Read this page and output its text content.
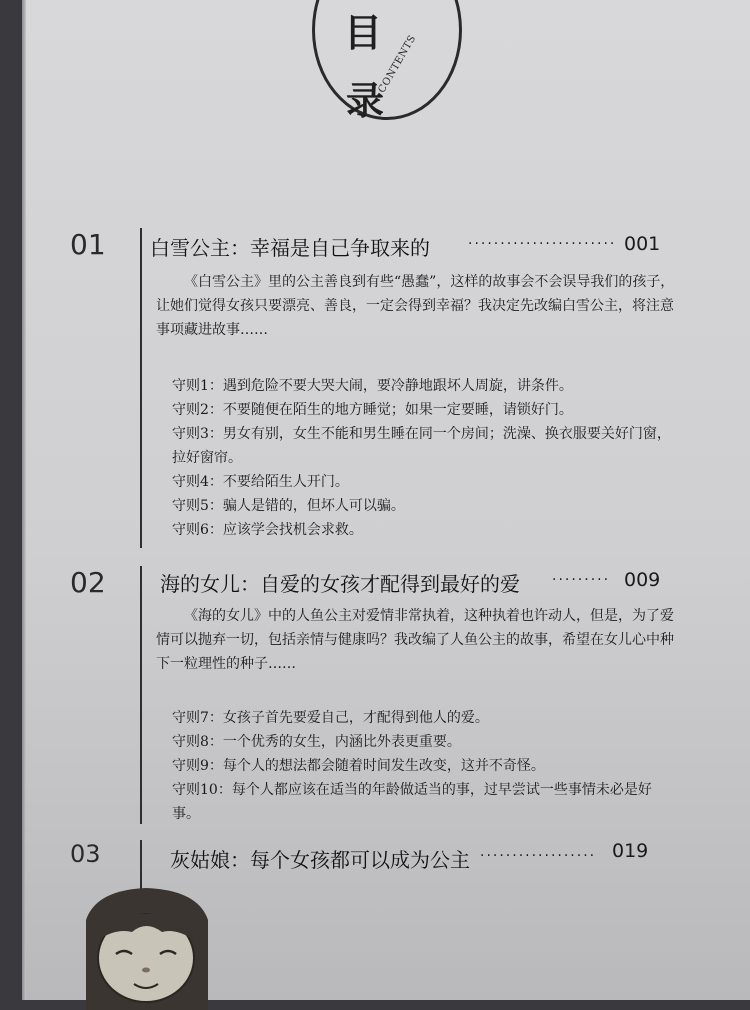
目
录
CONTENTS
01 白雪公主：幸福是自己争取来的	······················· 001
《白雪公主》里的公主善良到有些“愚蠢”，这样的故事会不会误导我们的孩子，让她们觉得女孩只要漂亮、善良，一定会得到幸福？我决定先改编白雪公主，将注意事项藏进故事……
守则1：遇到危险不要大哭大闹，要冷静地跟坏人周旋，讲条件。
守则2：不要随便在陌生的地方睡觉；如果一定要睡，请锁好门。
守则3：男女有别，女生不能和男生睡在同一个房间；洗澡、换衣服要关好门窗，拉好窗帘。
守则4：不要给陌生人开门。
守则5：骗人是错的，但坏人可以骗。
守则6：应该学会找机会求救。
02	海的女儿：自爱的女孩才配得到最好的爱 ········· 009
《海的女儿》中的人鱼公主对爱情非常执着，这种执着也许动人，但是，为了爱情可以抛弃一切，包括亲情与健康吗？我改编了人鱼公主的故事，希望在女儿心中种下一粒理性的种子……
守则7：女孩子首先要爱自己，才配得到他人的爱。
守则8：一个优秀的女生，内涵比外表更重要。
守则9：每个人的想法都会随着时间发生改变，这并不奇怪。
守则10：每个人都应该在适当的年龄做适当的事，过早尝试一些事情未必是好事。
03	灰姑娘：每个女孩都可以成为公主 ·················· 019
